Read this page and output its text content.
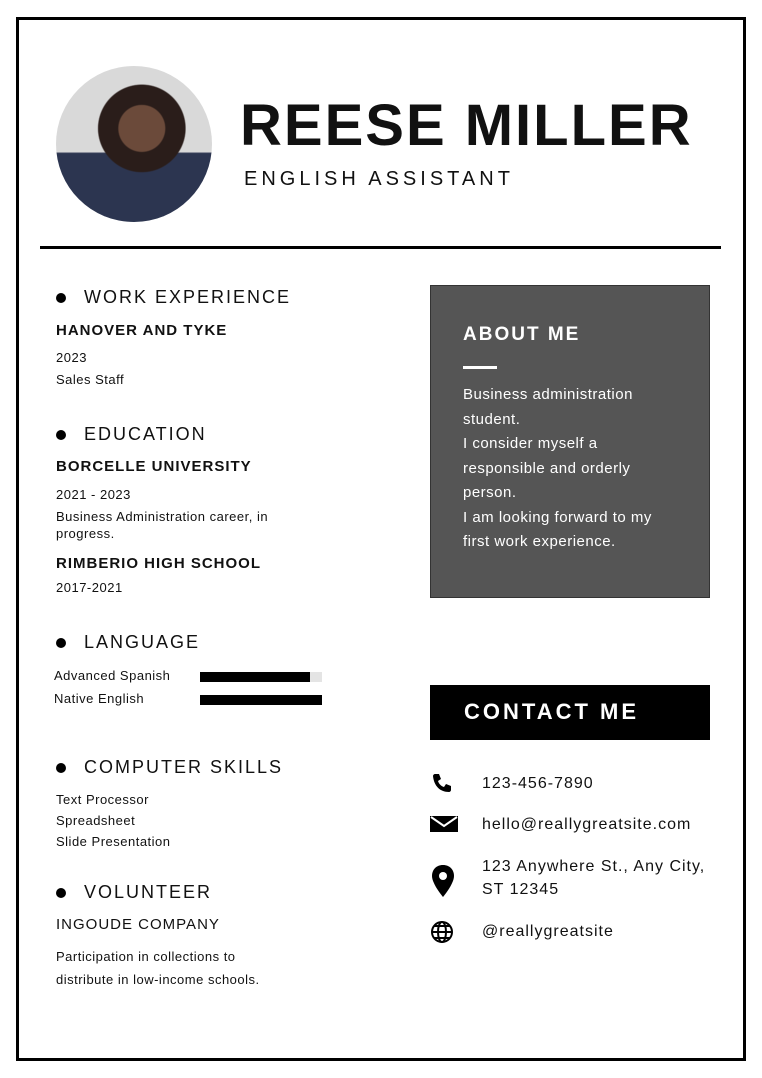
REESE MILLER
ENGLISH ASSISTANT
WORK EXPERIENCE
HANOVER AND TYKE
2023
Sales Staff
EDUCATION
BORCELLE UNIVERSITY
2021 - 2023
Business Administration career, in progress.
RIMBERIO HIGH SCHOOL
2017-2021
LANGUAGE
Advanced Spanish
Native English
COMPUTER SKILLS
Text Processor
Spreadsheet
Slide Presentation
VOLUNTEER
INGOUDE COMPANY
Participation in collections to distribute in low-income schools.
ABOUT ME

Business administration student.
I consider myself a responsible and orderly person.
I am looking forward to my first work experience.

CONTACT ME
123-456-7890
hello@reallygreatsite.com
123 Anywhere St., Any City, ST 12345
@reallygreatsite
